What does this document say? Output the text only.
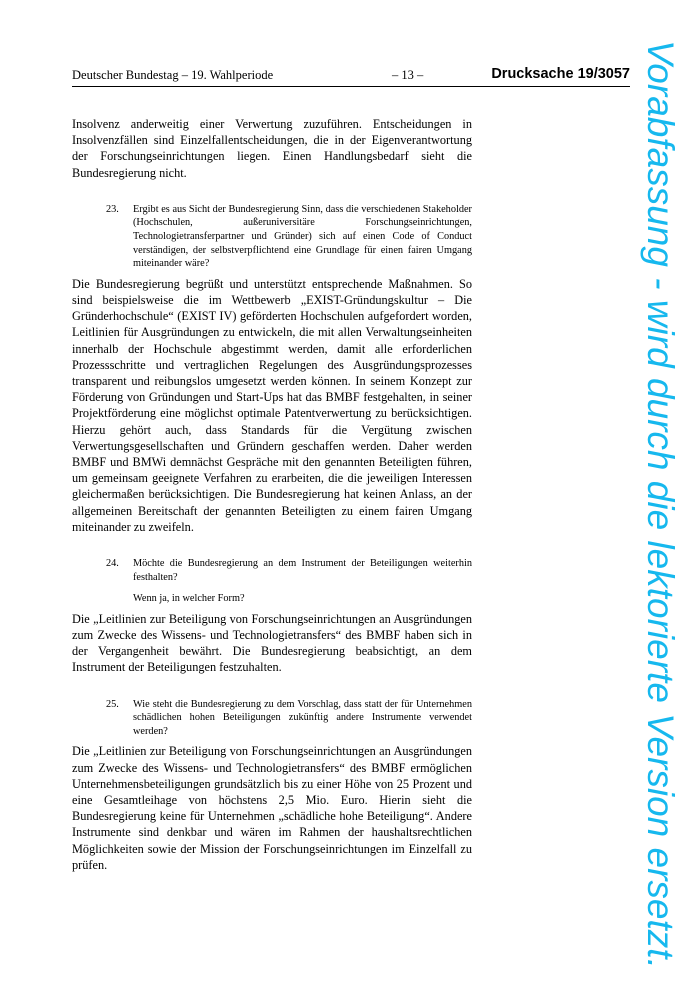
Deutscher Bundestag – 19. Wahlperiode	– 13 –	Drucksache 19/3057

Insolvenz anderweitig einer Verwertung zuzuführen. Entscheidungen in Insolvenzfällen sind Einzelfallentscheidungen, die in der Eigenverantwortung der Forschungseinrichtungen liegen. Einen Handlungsbedarf sieht die Bundesregierung nicht.

23.	Ergibt es aus Sicht der Bundesregierung Sinn, dass die verschiedenen Stakeholder (Hochschulen, außeruniversitäre Forschungseinrichtungen, Technologietransferpartner und Gründer) sich auf einen Code of Conduct verständigen, der selbstverpflichtend eine Grundlage für einen fairen Umgang miteinander wäre?

Die Bundesregierung begrüßt und unterstützt entsprechende Maßnahmen. So sind beispielsweise die im Wettbewerb „EXIST-Gründungskultur – Die Gründerhochschule“ (EXIST IV) geförderten Hochschulen aufgefordert worden, Leitlinien für Ausgründungen zu entwickeln, die mit allen Verwaltungseinheiten innerhalb der Hochschule abgestimmt werden, damit alle erforderlichen Prozessschritte und vertraglichen Regelungen des Ausgründungsprozesses transparent und reibungslos umgesetzt werden können. In seinem Konzept zur Förderung von Gründungen und Start-Ups hat das BMBF festgehalten, in seiner Projektförderung eine möglichst optimale Patentverwertung zu berücksichtigen. Hierzu gehört auch, dass Standards für die Vergütung zwischen Verwertungsgesellschaften und Gründern geschaffen werden. Daher werden BMBF und BMWi demnächst Gespräche mit den genannten Beteiligten führen, um gemeinsam geeignete Verfahren zu erarbeiten, die die jeweiligen Interessen gleichermaßen berücksichtigen. Die Bundesregierung hat keinen Anlass, an der allgemeinen Bereitschaft der genannten Beteiligten zu einem fairen Umgang miteinander zu zweifeln.

24.	Möchte die Bundesregierung an dem Instrument der Beteiligungen weiterhin festhalten?

Wenn ja, in welcher Form?

Die „Leitlinien zur Beteiligung von Forschungseinrichtungen an Ausgründungen zum Zwecke des Wissens- und Technologietransfers“ des BMBF haben sich in der Vergangenheit bewährt. Die Bundesregierung beabsichtigt, an dem Instrument der Beteiligungen festzuhalten.

25.	Wie steht die Bundesregierung zu dem Vorschlag, dass statt der für Unternehmen schädlichen hohen Beteiligungen zukünftig andere Instrumente verwendet werden?

Die „Leitlinien zur Beteiligung von Forschungseinrichtungen an Ausgründungen zum Zwecke des Wissens- und Technologietransfers“ des BMBF ermöglichen Unternehmensbeteiligungen grundsätzlich bis zu einer Höhe von 25 Prozent und eine Gesamtleihage von höchstens 2,5 Mio. Euro. Hierin sieht die Bundesregierung keine für Unternehmen „schädliche hohe Beteiligung“. Andere Instrumente sind denkbar und wären im Rahmen der haushaltsrechtlichen Möglichkeiten sowie der Mission der Forschungseinrichtungen im Einzelfall zu prüfen.	Vorabfassung - wird durch die lektorierte Version ersetzt.
